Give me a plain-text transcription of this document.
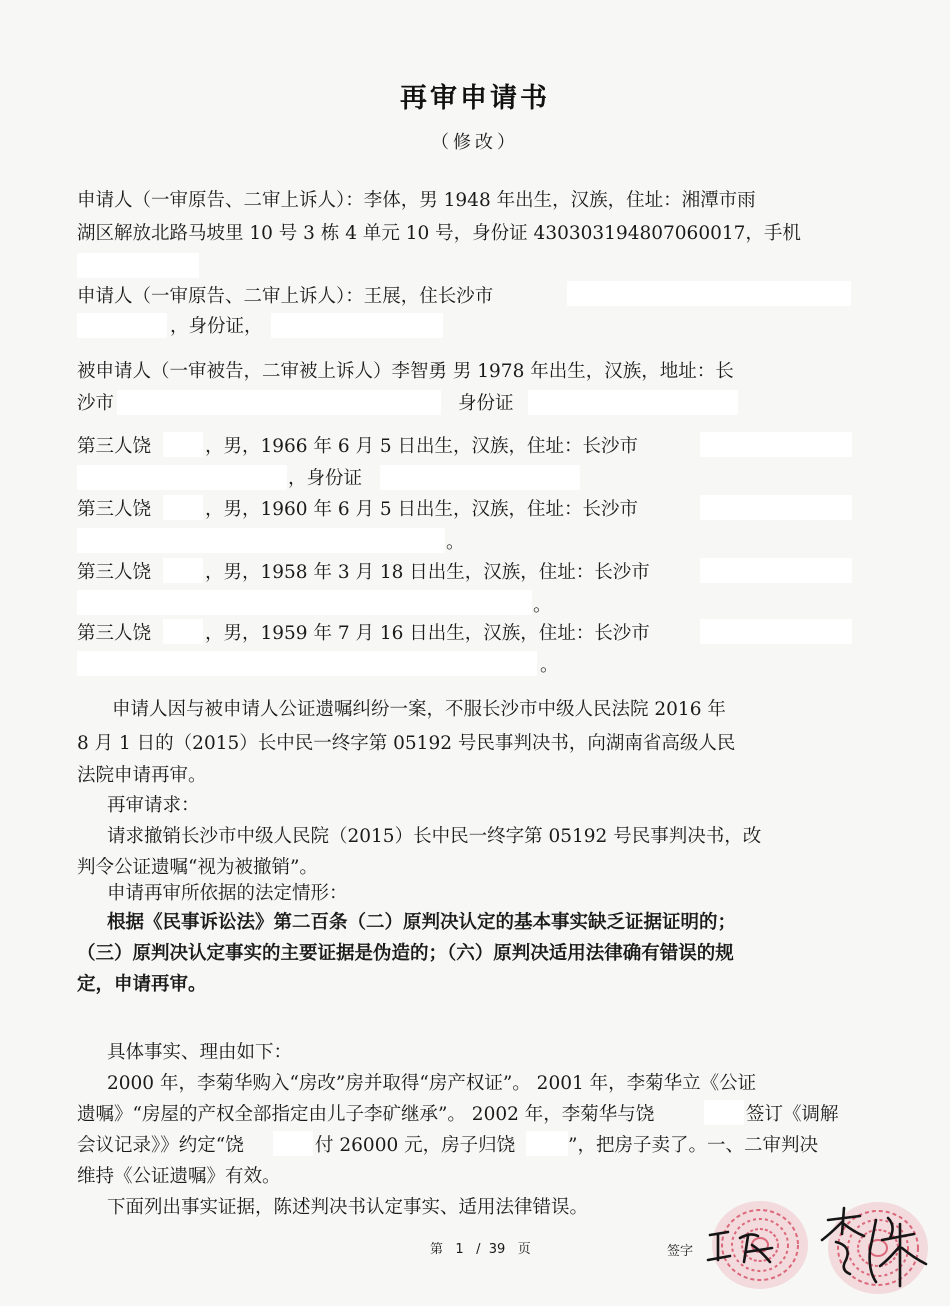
再审申请书
（修改）
申请人（一审原告、二审上诉人）：李体，男 1948 年出生，汉族，住址：湘潭市雨
湖区解放北路马坡里 10 号 3 栋 4 单元 10 号，身份证 430303194807060017，手机
申请人（一审原告、二审上诉人）：王展，住长沙市
，身份证，
被申请人（一审被告，二审被上诉人）李智勇 男 1978 年出生，汉族，地址：长
沙市	身份证
第三人饶	，男，1966 年 6 月 5 日出生，汉族，住址：长沙市
，身份证
第三人饶	，男，1960 年 6 月 5 日出生，汉族，住址：长沙市
。
第三人饶	，男，1958 年 3 月 18 日出生，汉族，住址：长沙市
。
第三人饶	，男，1959 年 7 月 16 日出生，汉族，住址：长沙市
。
申请人因与被申请人公证遗嘱纠纷一案，不服长沙市中级人民法院 2016 年
8 月 1 日的（2015）长中民一终字第 05192 号民事判决书，向湖南省高级人民
法院申请再审。
再审请求：
请求撤销长沙市中级人民院（2015）长中民一终字第 05192 号民事判决书，改
判令公证遗嘱“视为被撤销”。
申请再审所依据的法定情形：
根据《民事诉讼法》第二百条（二）原判决认定的基本事实缺乏证据证明的；
（三）原判决认定事实的主要证据是伪造的；（六）原判决适用法律确有错误的规
定，申请再审。
具体事实、理由如下：
2000 年，李菊华购入“房改”房并取得“房产权证”。 2001 年，李菊华立《公证
遗嘱》“房屋的产权全部指定由儿子李矿继承”。 2002 年，李菊华与饶	签订《调解
会议记录》》约定“饶	付 26000 元，房子归饶	”，把房子卖了。一、二审判决
维持《公证遗嘱》有效。
下面列出事实证据，陈述判决书认定事实、适用法律错误。
第 1 / 39 页	签字
